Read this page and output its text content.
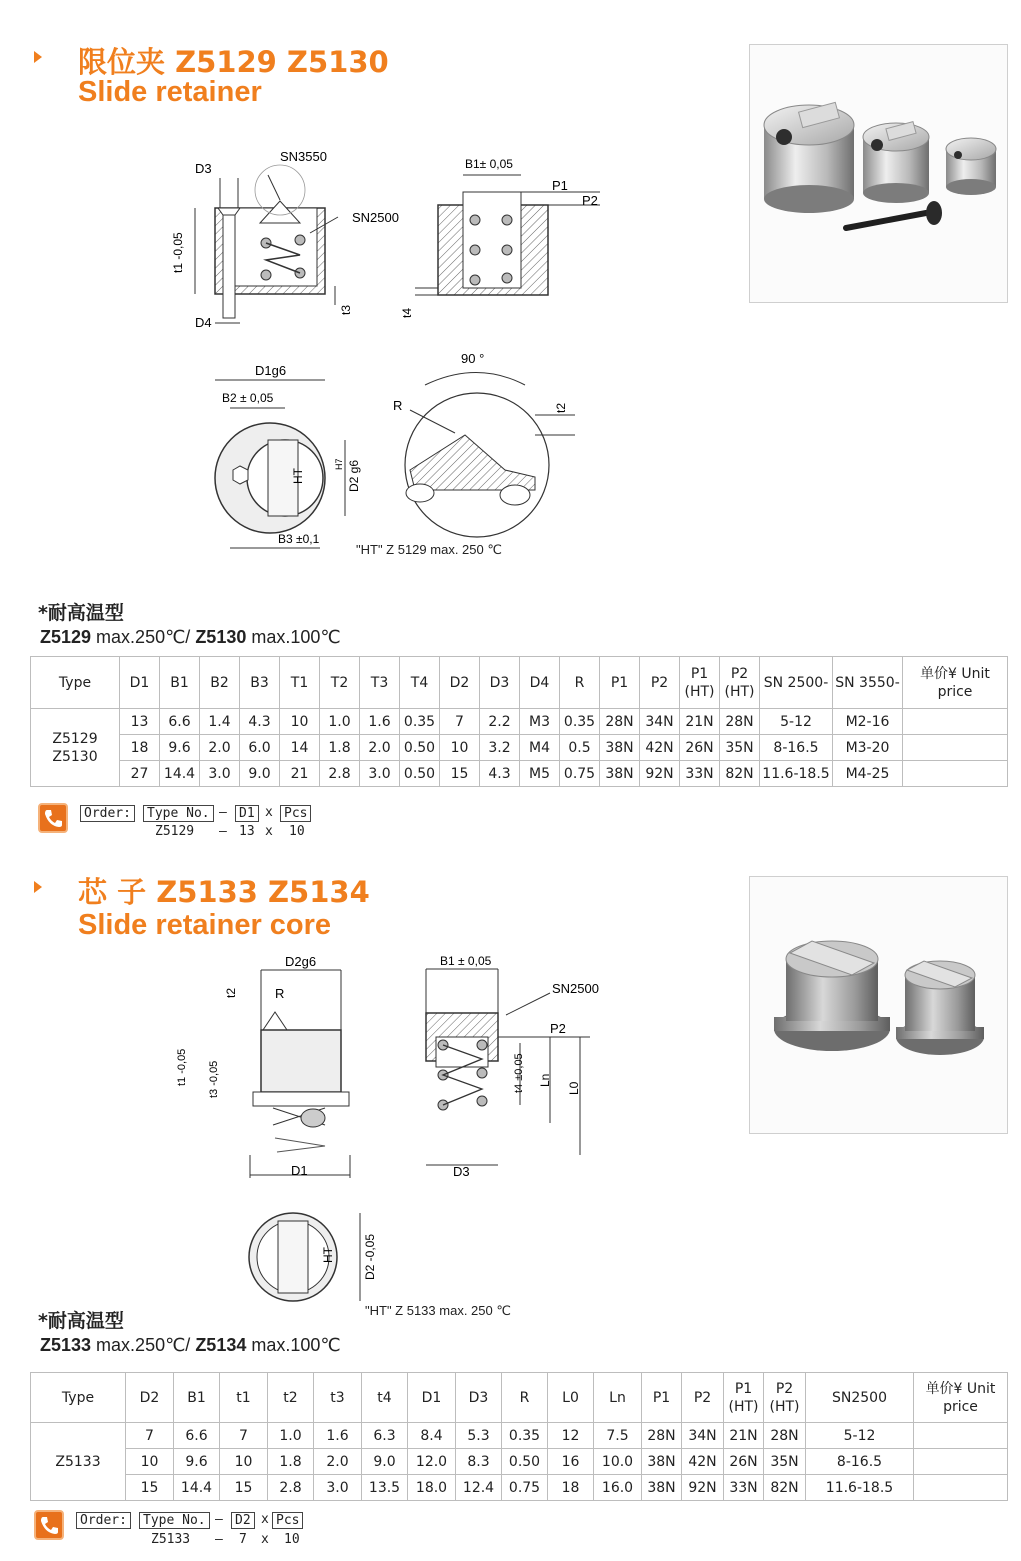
限位夹 Z5129 Z5130
Slide retainer
D3
SN3550
SN2500
t1 -0,05
t3
D4
B1± 0,05
P1
P2
t4
D1g6
B2 ± 0,05
HT
H7 D2 g6
B3 ±0,1
90 °
R	t2
"HT" Z 5129 max. 250 ℃
*耐高温型
Z5129 max.250℃/ Z5130 max.100℃
Type	D1	B1	B2	B3	T1	T2	T3	T4	D2	D3	D4	R	P1	P2	P1 (HT)	P2 (HT)	SN 2500-	SN 3550-	单价¥ Unit price

Z5129
Z5130	13	6.6	1.4	4.3	10	1.0	1.6	0.35	7	2.2	M3	0.35	28N	34N	21N	28N	5-12	M2-16	
	18	9.6	2.0	6.0	14	1.8	2.0	0.50	10	3.2	M4	0.5	38N	42N	26N	35N	8-16.5	M3-20	
	27	14.4	3.0	9.0	21	2.8	3.0	0.50	15	4.3	M5	0.75	38N	92N	33N	82N	11.6-18.5	M4-25	
Order:	Type No. – D1 x Pcs
Z5129 – 13 x 10
芯 子 Z5133 Z5134
Slide retainer core
D2g6
t2	R
t1 -0,05 t3 -0,05
D1
B1 ± 0,05
SN2500
P2
t4 ±0,05 Ln
L0
D3
HT D2 -0,05
"HT" Z 5133 max. 250 ℃
*耐高温型
Z5133 max.250℃/ Z5134 max.100℃
Type	D2	B1	t1	t2	t3	t4	D1	D3	R	L0	Ln	P1	P2	P1 (HT)	P2 (HT)	SN2500	单价¥ Unit price

Z5133	7	6.6	7	1.0	1.6	6.3	8.4	5.3	0.35	12	7.5	28N	34N	21N	28N	5-12	
	10	9.6	10	1.8	2.0	9.0	12.0	8.3	0.50	16	10.0	38N	42N	26N	35N	8-16.5	
	15	14.4	15	2.8	3.0	13.5	18.0	12.4	0.75	18	16.0	38N	92N	33N	82N	11.6-18.5	
Order:	Type No. – D2 x Pcs
Z5133 – 7 x 10
